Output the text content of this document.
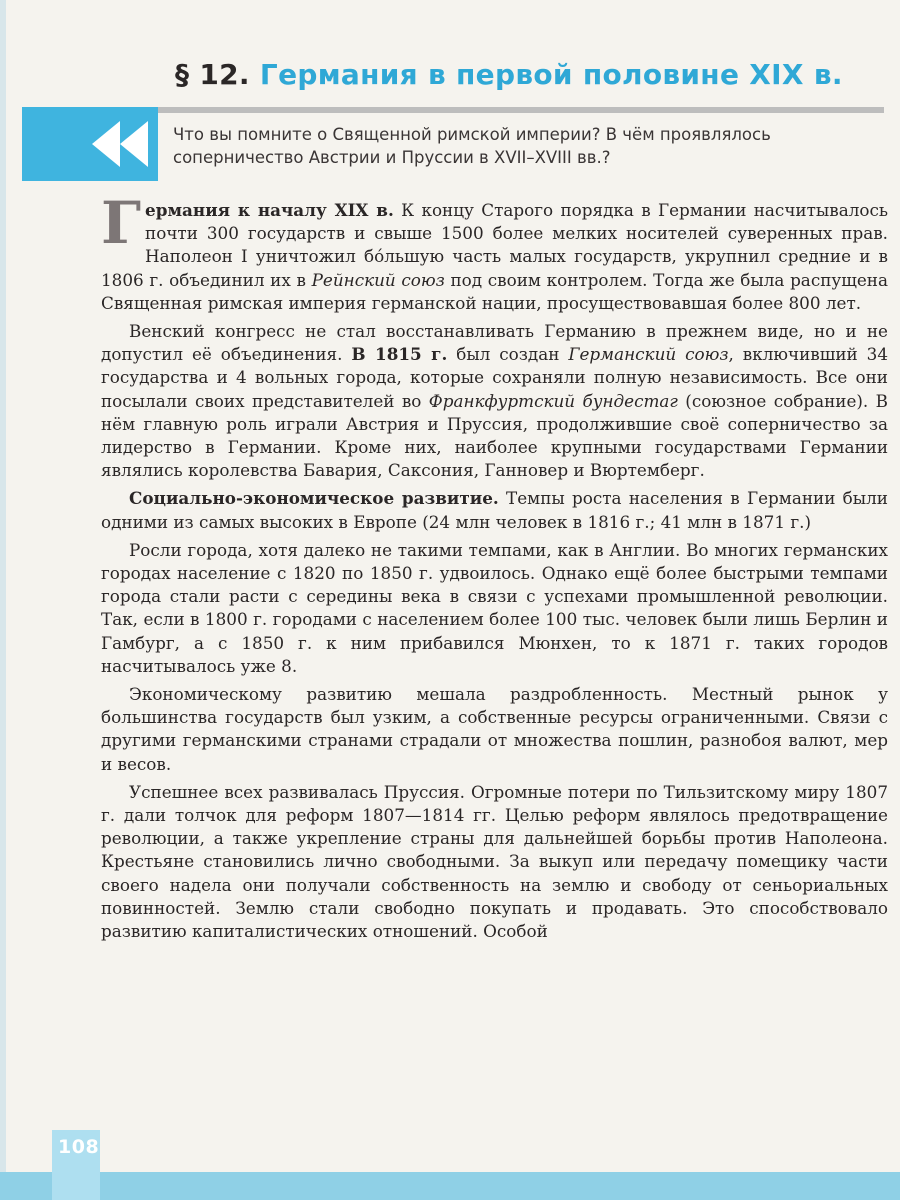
§ 12. Германия в первой половине XIX в.
Что вы помните о Священной римской империи? В чём проявлялось соперничество Австрии и Пруссии в XVII–XVIII вв.?

Германия к началу XIX в. К концу Старого порядка в Германии насчитывалось почти 300 государств и свыше 1500 более мелких носителей суверенных прав. Наполеон I уничтожил бо́льшую часть малых государств, укрупнил средние и в 1806 г. объединил их в Рейнский союз под своим контролем. Тогда же была распущена Священная римская империя германской нации, просуществовавшая более 800 лет.

Венский конгресс не стал восстанавливать Германию в прежнем виде, но и не допустил её объединения. В 1815 г. был создан Германский союз, включивший 34 государства и 4 вольных города, которые сохраняли полную независимость. Все они посылали своих представителей во Франкфуртский бундестаг (союзное собрание). В нём главную роль играли Австрия и Пруссия, продолжившие своё соперничество за лидерство в Германии. Кроме них, наиболее крупными государствами Германии являлись королевства Бавария, Саксония, Ганновер и Вюртемберг.

Социально-экономическое развитие. Темпы роста населения в Германии были одними из самых высоких в Европе (24 млн человек в 1816 г.; 41 млн в 1871 г.)

Росли города, хотя далеко не такими темпами, как в Англии. Во многих германских городах население с 1820 по 1850 г. удвоилось. Однако ещё более быстрыми темпами города стали расти с середины века в связи с успехами промышленной революции. Так, если в 1800 г. городами с населением более 100 тыс. человек были лишь Берлин и Гамбург, а с 1850 г. к ним прибавился Мюнхен, то к 1871 г. таких городов насчитывалось уже 8.

Экономическому развитию мешала раздробленность. Местный рынок у большинства государств был узким, а собственные ресурсы ограниченными. Связи с другими германскими странами страдали от множества пошлин, разнобоя валют, мер и весов.

Успешнее всех развивалась Пруссия. Огромные потери по Тильзитскому миру 1807 г. дали толчок для реформ 1807—1814 гг. Целью реформ являлось предотвращение революции, а также укрепление страны для дальнейшей борьбы против Наполеона. Крестьяне становились лично свободными. За выкуп или передачу помещику части своего надела они получали собственность на землю и свободу от сеньориальных повинностей. Землю стали свободно покупать и продавать. Это способствовало развитию капиталистических отношений. Особой

108
